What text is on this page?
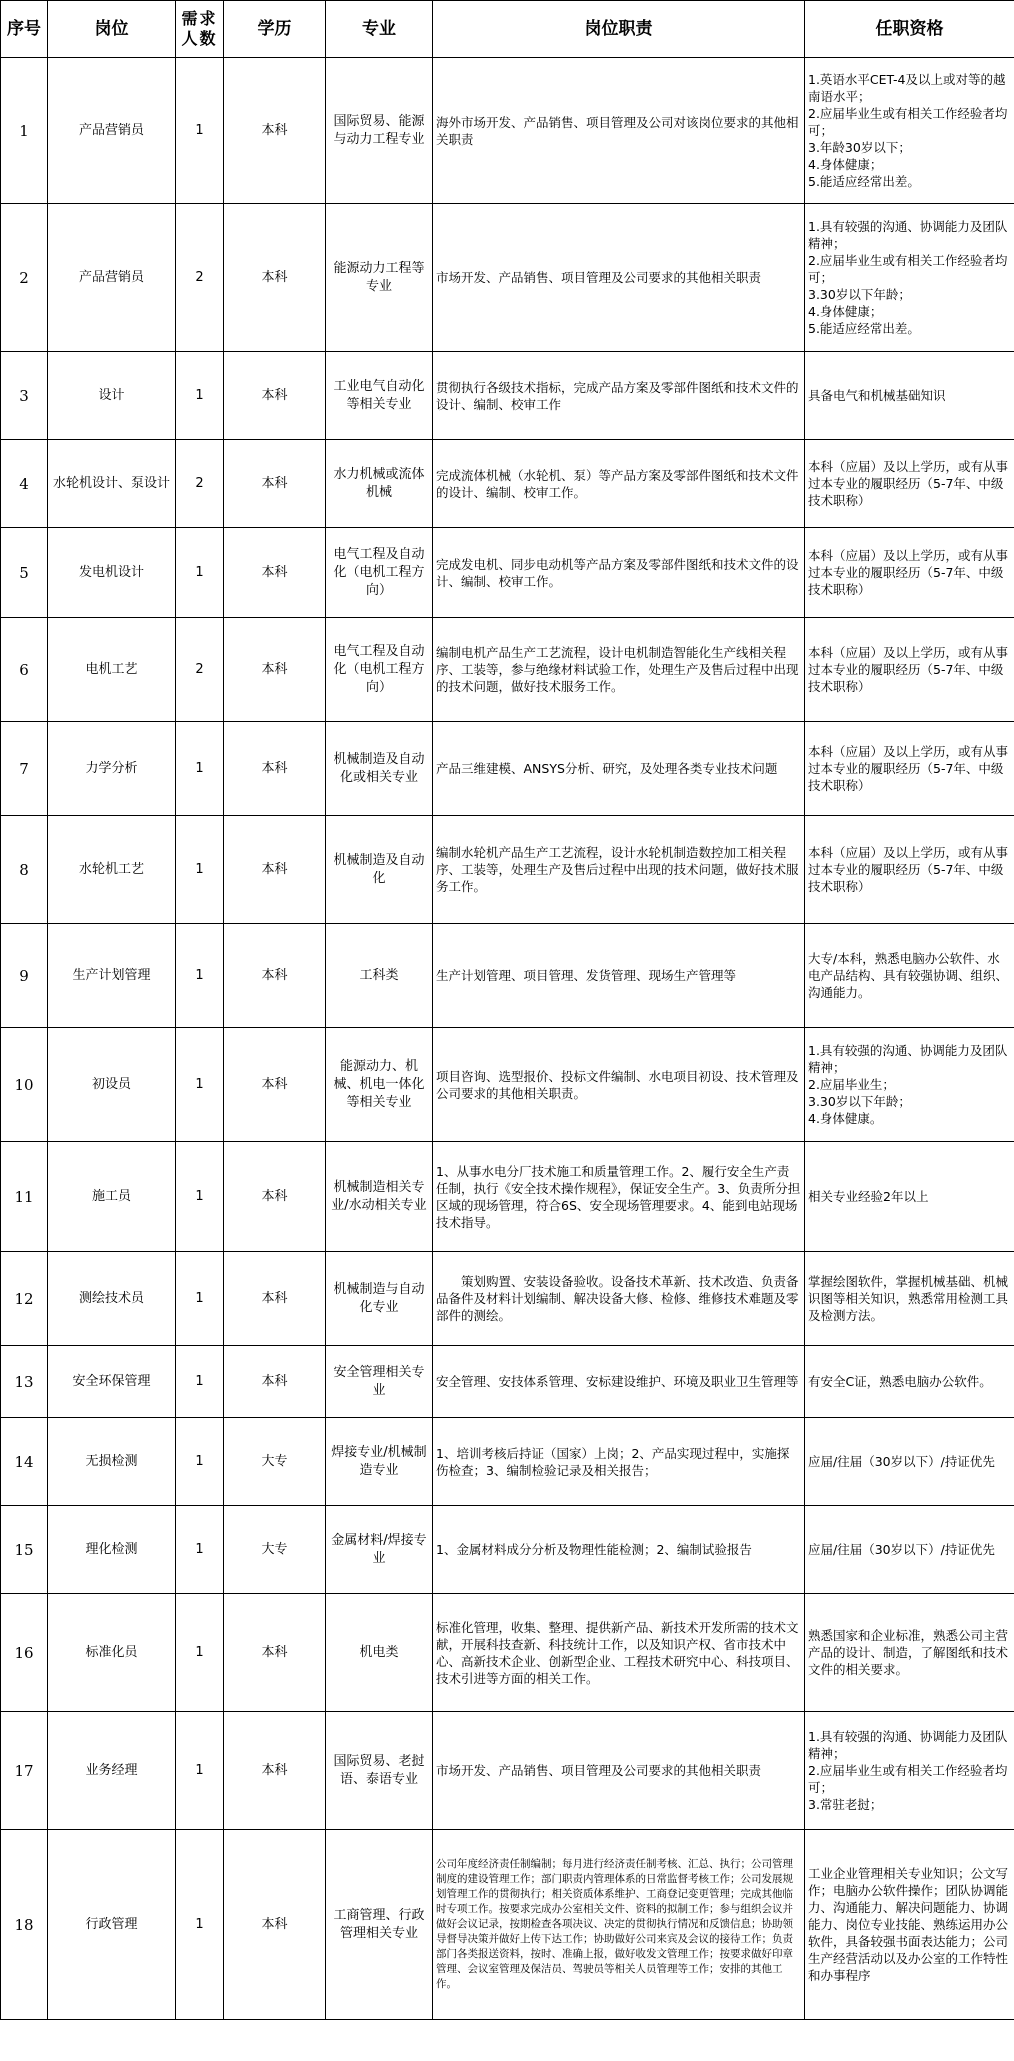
序号	岗位	需求人数	学历	专业	岗位职责	任职资格
1	产品营销员	1	本科	国际贸易、能源与动力工程专业	海外市场开发、产品销售、项目管理及公司对该岗位要求的其他相关职责	1.英语水平CET-4及以上或对等的越南语水平；
2.应届毕业生或有相关工作经验者均可；
3.年龄30岁以下；
4.身体健康；
5.能适应经常出差。

2	产品营销员	2	本科	能源动力工程等专业	市场开发、产品销售、项目管理及公司要求的其他相关职责	1.具有较强的沟通、协调能力及团队精神；
2.应届毕业生或有相关工作经验者均可；
3.30岁以下年龄；
4.身体健康；
5.能适应经常出差。

3	设计	1	本科	工业电气自动化等相关专业	贯彻执行各级技术指标，完成产品方案及零部件图纸和技术文件的设计、编制、校审工作	具备电气和机械基础知识

4	水轮机设计、泵设计	2	本科	水力机械或流体机械	完成流体机械（水轮机、泵）等产品方案及零部件图纸和技术文件的设计、编制、校审工作。	本科（应届）及以上学历，或有从事过本专业的履职经历（5-7年、中级技术职称）

5	发电机设计	1	本科	电气工程及自动化（电机工程方向）	完成发电机、同步电动机等产品方案及零部件图纸和技术文件的设计、编制、校审工作。	本科（应届）及以上学历，或有从事过本专业的履职经历（5-7年、中级技术职称）

6	电机工艺	2	本科	电气工程及自动化（电机工程方向）	编制电机产品生产工艺流程，设计电机制造智能化生产线相关程序、工装等，参与绝缘材料试验工作，处理生产及售后过程中出现的技术问题，做好技术服务工作。	本科（应届）及以上学历，或有从事过本专业的履职经历（5-7年、中级技术职称）

7	力学分析	1	本科	机械制造及自动化或相关专业	产品三维建模、ANSYS分析、研究，及处理各类专业技术问题	本科（应届）及以上学历，或有从事过本专业的履职经历（5-7年、中级技术职称）

8	水轮机工艺	1	本科	机械制造及自动化	编制水轮机产品生产工艺流程，设计水轮机制造数控加工相关程序、工装等，处理生产及售后过程中出现的技术问题，做好技术服务工作。	本科（应届）及以上学历，或有从事过本专业的履职经历（5-7年、中级技术职称）

9	生产计划管理	1	本科	工科类	生产计划管理、项目管理、发货管理、现场生产管理等	大专/本科，熟悉电脑办公软件、水电产品结构、具有较强协调、组织、沟通能力。

10	初设员	1	本科	能源动力、机械、机电一体化等相关专业	项目咨询、选型报价、投标文件编制、水电项目初设、技术管理及公司要求的其他相关职责。	1.具有较强的沟通、协调能力及团队精神；
2.应届毕业生；
3.30岁以下年龄；
4.身体健康。

11	施工员	1	本科	机械制造相关专业/水动相关专业	1、从事水电分厂技术施工和质量管理工作。2、履行安全生产责任制，执行《安全技术操作规程》，保证安全生产。3、负责所分担区域的现场管理，符合6S、安全现场管理要求。4、能到电站现场技术指导。	相关专业经验2年以上

12	测绘技术员	1	本科	机械制造与自动化专业	　　策划购置、安装设备验收。设备技术革新、技术改造、负责备品备件及材料计划编制、解决设备大修、检修、维修技术难题及零部件的测绘。	掌握绘图软件，掌握机械基础、机械识图等相关知识，熟悉常用检测工具及检测方法。

13	安全环保管理	1	本科	安全管理相关专业	安全管理、安技体系管理、安标建设维护、环境及职业卫生管理等	有安全C证，熟悉电脑办公软件。

14	无损检测	1	大专	焊接专业/机械制造专业	1、培训考核后持证（国家）上岗；2、产品实现过程中，实施探伤检查；3、编制检验记录及相关报告；	应届/往届（30岁以下）/持证优先

15	理化检测	1	大专	金属材料/焊接专业	1、金属材料成分分析及物理性能检测；2、编制试验报告	应届/往届（30岁以下）/持证优先

16	标准化员	1	本科	机电类	标准化管理，收集、整理、提供新产品、新技术开发所需的技术文献，开展科技查新、科技统计工作，以及知识产权、省市技术中心、高新技术企业、创新型企业、工程技术研究中心、科技项目、技术引进等方面的相关工作。	熟悉国家和企业标准，熟悉公司主营产品的设计、制造，了解图纸和技术文件的相关要求。

17	业务经理	1	本科	国际贸易、老挝语、泰语专业	市场开发、产品销售、项目管理及公司要求的其他相关职责	1.具有较强的沟通、协调能力及团队精神；
2.应届毕业生或有相关工作经验者均可；
3.常驻老挝；

18	行政管理	1	本科	工商管理、行政管理相关专业	公司年度经济责任制编制；每月进行经济责任制考核、汇总、执行；公司管理制度的建设管理工作；部门职责内管理体系的日常监督考核工作；公司发展规划管理工作的贯彻执行；相关资质体系维护、工商登记变更管理；完成其他临时专项工作。按要求完成办公室相关文件、资料的拟制工作；参与组织会议并做好会议记录，按期检查各项决议、决定的贯彻执行情况和反馈信息；协助领导督导决策并做好上传下达工作；协助做好公司来宾及会议的接待工作；负责部门各类报送资料，按时、准确上报，做好收发文管理工作；按要求做好印章管理、会议室管理及保洁员、驾驶员等相关人员管理等工作；安排的其他工作。	工业企业管理相关专业知识；公文写作；电脑办公软件操作；团队协调能力、沟通能力、解决问题能力、协调能力、岗位专业技能、熟练运用办公软件，具备较强书面表达能力；公司生产经营活动以及办公室的工作特性和办事程序
